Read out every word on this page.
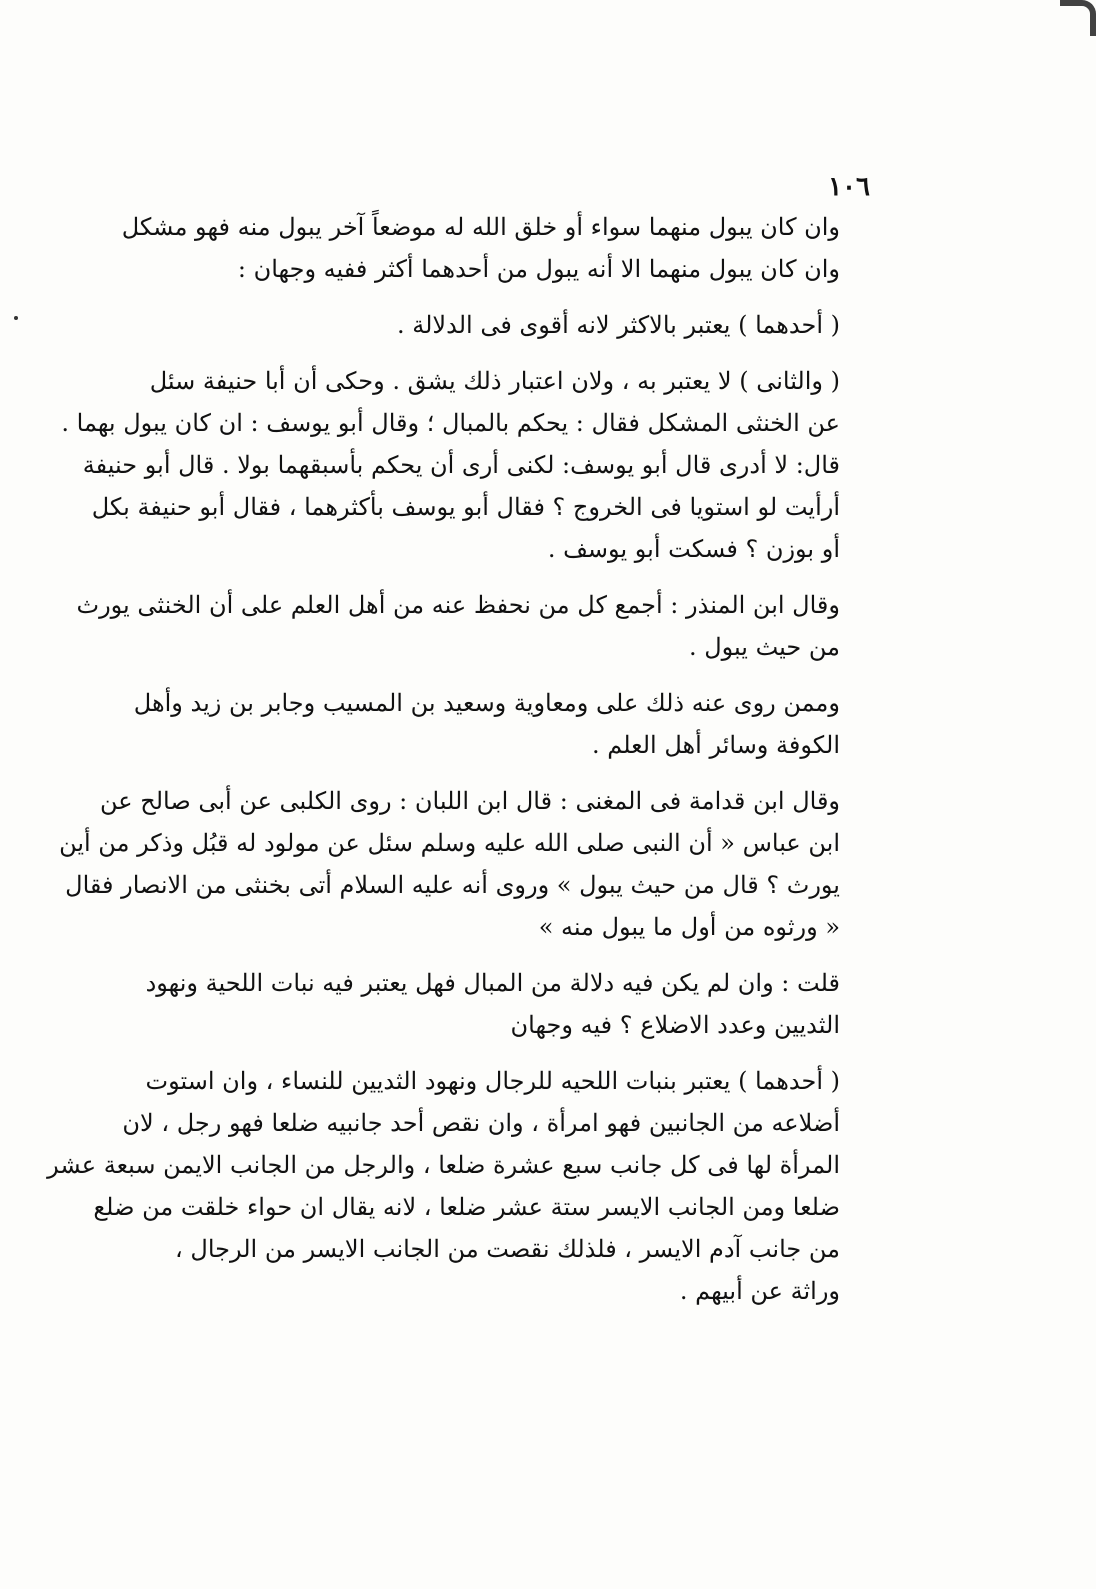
١٠٦

وان كان يبول منهما سواء أو خلق الله له موضعاً آخر يبول منه فهو مشكل
وان كان يبول منهما الا أنه يبول من أحدهما أكثر ففيه وجهان :

( أحدهما ) يعتبر بالاكثر لانه أقوى فى الدلالة .

( والثانى ) لا يعتبر به ، ولان اعتبار ذلك يشق . وحكى أن أبا حنيفة سئل
عن الخنثى المشكل فقال : يحكم بالمبال ؛ وقال أبو يوسف : ان كان يبول بهما .
قال: لا أدرى قال أبو يوسف: لكنى أرى أن يحكم بأسبقهما بولا . قال أبو حنيفة
أرأيت لو استويا فى الخروج ؟ فقال أبو يوسف بأكثرهما ، فقال أبو حنيفة بكل
أو بوزن ؟ فسكت أبو يوسف .

وقال ابن المنذر : أجمع كل من نحفظ عنه من أهل العلم على أن الخنثى يورث
من حيث يبول .

وممن روى عنه ذلك على ومعاوية وسعيد بن المسيب وجابر بن زيد وأهل
الكوفة وسائر أهل العلم .

وقال ابن قدامة فى المغنى : قال ابن اللبان : روى الكلبى عن أبى صالح عن
ابن عباس « أن النبى صلى الله عليه وسلم سئل عن مولود له قبُل وذكر من أين
يورث ؟ قال من حيث يبول » وروى أنه عليه السلام أتى بخنثى من الانصار فقال
« ورثوه من أول ما يبول منه »

قلت : وان لم يكن فيه دلالة من المبال فهل يعتبر فيه نبات اللحية ونهود
الثديين وعدد الاضلاع ؟ فيه وجهان

( أحدهما ) يعتبر بنبات اللحيه للرجال ونهود الثديين للنساء ، وان استوت
أضلاعه من الجانبين فهو امرأة ، وان نقص أحد جانبيه ضلعا فهو رجل ، لان
المرأة لها فى كل جانب سبع عشرة ضلعا ، والرجل من الجانب الايمن سبعة عشر
ضلعا ومن الجانب الايسر ستة عشر ضلعا ، لانه يقال ان حواء خلقت من ضلع
من جانب آدم الايسر ، فلذلك نقصت من الجانب الايسر من الرجال ،
وراثة عن أبيهم .
